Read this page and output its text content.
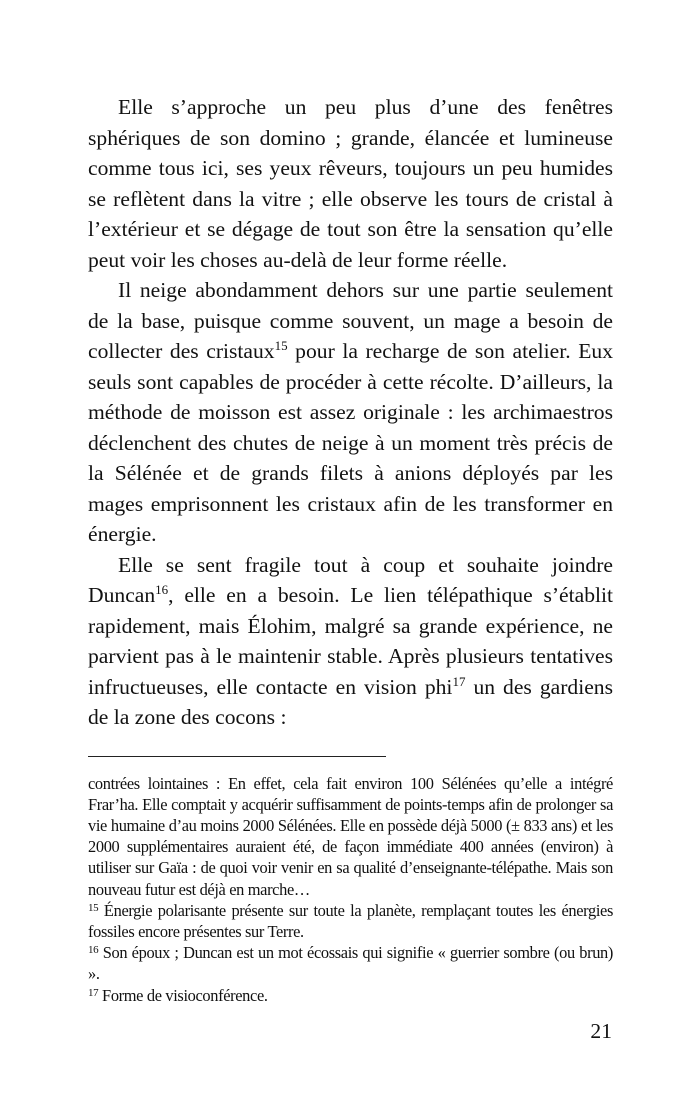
Elle s’approche un peu plus d’une des fenêtres sphériques de son domino ; grande, élancée et lumineuse comme tous ici, ses yeux rêveurs, toujours un peu humides se reflètent dans la vitre ; elle observe les tours de cristal à l’extérieur et se dégage de tout son être la sensation qu’elle peut voir les choses au-delà de leur forme réelle.

Il neige abondamment dehors sur une partie seulement de la base, puisque comme souvent, un mage a besoin de collecter des cristaux$^{15}$ pour la recharge de son atelier. Eux seuls sont capables de procéder à cette récolte. D’ailleurs, la méthode de moisson est assez originale : les archimaestros déclenchent des chutes de neige à un moment très précis de la Sélénée et de grands filets à anions déployés par les mages emprisonnent les cristaux afin de les transformer en énergie.

Elle se sent fragile tout à coup et souhaite joindre Duncan$^{16}$, elle en a besoin. Le lien télépathique s’établit rapidement, mais Élohim, malgré sa grande expérience, ne parvient pas à le maintenir stable. Après plusieurs tentatives infructueuses, elle contacte en vision phi$^{17}$ un des gardiens de la zone des cocons :

contrées lointaines : En effet, cela fait environ 100 Sélénées qu’elle a intégré Frar’ha. Elle comptait y acquérir suffisamment de points-temps afin de prolonger sa vie humaine d’au moins 2000 Sélénées. Elle en possède déjà 5000 (± 833 ans) et les 2000 supplémentaires auraient été, de façon immédiate 400 années (environ) à utiliser sur Gaïa : de quoi voir venir en sa qualité d’enseignante-télépathe. Mais son nouveau futur est déjà en marche…

$^{15}$ Énergie polarisante présente sur toute la planète, remplaçant toutes les énergies fossiles encore présentes sur Terre.

$^{16}$ Son époux ; Duncan est un mot écossais qui signifie « guerrier sombre (ou brun) ».

$^{17}$ Forme de visioconférence.

21
